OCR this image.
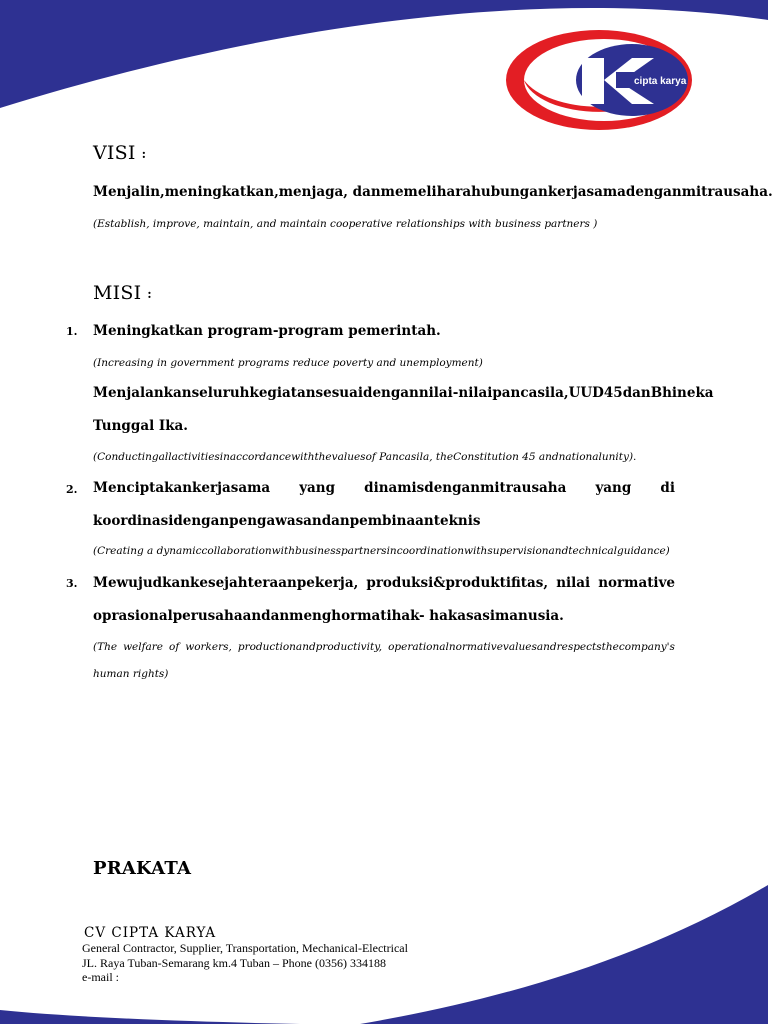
cipta karya
VISI :
Menjalin,meningkatkan,menjaga, danmemeliharahubungankerjasamadenganmitrausaha.
(Establish, improve, maintain, and maintain cooperative relationships with business partners )
MISI :
1. Meningkatkan program-program pemerintah.
(Increasing in government programs reduce poverty and unemployment)
Menjalankanseluruhkegiatansesuaidengannilai-nilaipancasila, UUD 45 danBhineka
Tunggal Ika.
(Conductingallactivitiesinaccordancewiththevaluesof Pancasila, theConstitution 45 andnationalunity).
2. Menciptakankerjasama yang dinamisdenganmitrausaha yang di
koordinasidenganpengawasandanpembinaanteknis
(Creating a dynamiccollaborationwithbusinesspartnersincoordinationwithsupervisionandtechnicalguidance)
3. Mewujudkankesejahteraanpekerja, produksi&produktifitas, nilai normative
oprasionalperusahaandanmenghormatihak- hakasasimanusia.
(The welfare of workers, productionandproductivity, operationalnormativevaluesandrespectsthecompany's
human rights)
PRAKATA
CV CIPTA KARYA
General Contractor, Supplier, Transportation, Mechanical-Electrical
JL. Raya Tuban-Semarang km.4 Tuban – Phone (0356) 334188
e-mail :
